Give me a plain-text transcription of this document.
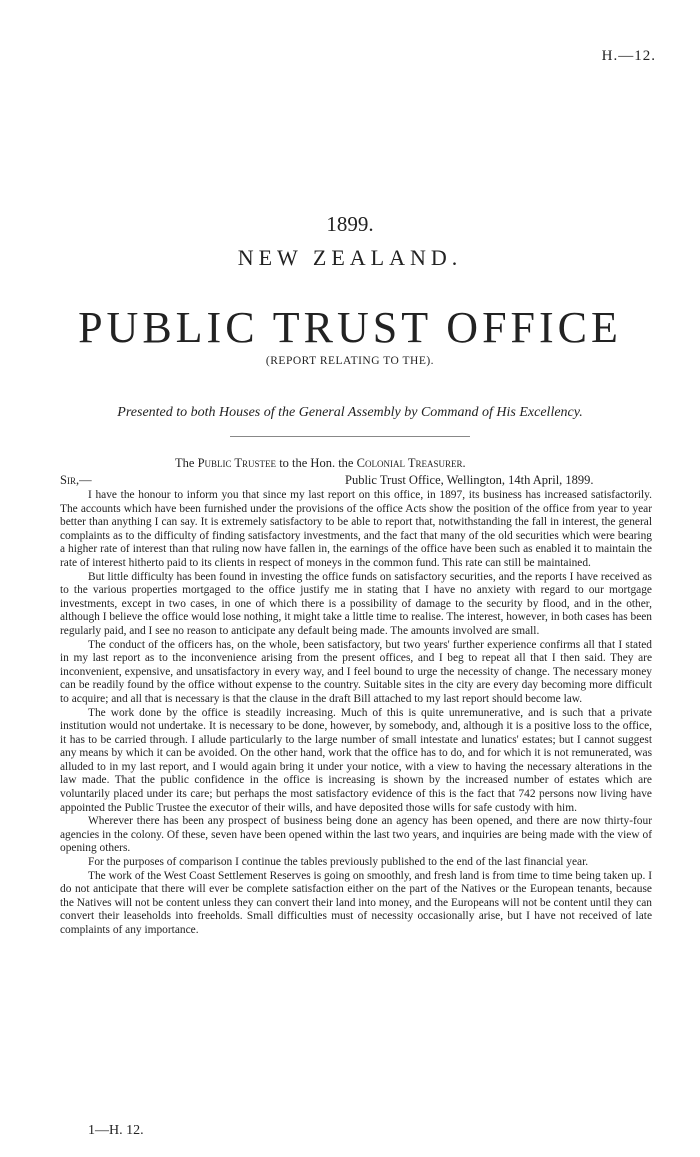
H.—12.
1899.
NEW ZEALAND.
PUBLIC TRUST OFFICE
(REPORT RELATING TO THE).
Presented to both Houses of the General Assembly by Command of His Excellency.
The Public Trustee to the Hon. the Colonial Treasurer.
Sir,—	Public Trust Office, Wellington, 14th April, 1899.

I have the honour to inform you that since my last report on this office, in 1897, its business has increased satisfactorily. The accounts which have been furnished under the provisions of the office Acts show the position of the office from year to year better than anything I can say. It is extremely satisfactory to be able to report that, notwithstanding the fall in interest, the general complaints as to the difficulty of finding satisfactory investments, and the fact that many of the old securities which were bearing a higher rate of interest than that ruling now have fallen in, the earnings of the office have been such as enabled it to maintain the rate of interest hitherto paid to its clients in respect of moneys in the common fund. This rate can still be maintained.

But little difficulty has been found in investing the office funds on satisfactory securities, and the reports I have received as to the various properties mortgaged to the office justify me in stating that I have no anxiety with regard to our mortgage investments, except in two cases, in one of which there is a possibility of damage to the security by flood, and in the other, although I believe the office would lose nothing, it might take a little time to realise. The interest, however, in both cases has been regularly paid, and I see no reason to anticipate any default being made. The amounts involved are small.

The conduct of the officers has, on the whole, been satisfactory, but two years' further experience confirms all that I stated in my last report as to the inconvenience arising from the present offices, and I beg to repeat all that I then said. They are inconvenient, expensive, and unsatisfactory in every way, and I feel bound to urge the necessity of change. The necessary money can be readily found by the office without expense to the country. Suitable sites in the city are every day becoming more difficult to acquire; and all that is necessary is that the clause in the draft Bill attached to my last report should become law.

The work done by the office is steadily increasing. Much of this is quite unremunerative, and is such that a private institution would not undertake. It is necessary to be done, however, by somebody, and, although it is a positive loss to the office, it has to be carried through. I allude particularly to the large number of small intestate and lunatics' estates; but I cannot suggest any means by which it can be avoided. On the other hand, work that the office has to do, and for which it is not remunerated, was alluded to in my last report, and I would again bring it under your notice, with a view to having the necessary alterations in the law made. That the public confidence in the office is increasing is shown by the increased number of estates which are voluntarily placed under its care; but perhaps the most satisfactory evidence of this is the fact that 742 persons now living have appointed the Public Trustee the executor of their wills, and have deposited those wills for safe custody with him.

Wherever there has been any prospect of business being done an agency has been opened, and there are now thirty-four agencies in the colony. Of these, seven have been opened within the last two years, and inquiries are being made with the view of opening others.

For the purposes of comparison I continue the tables previously published to the end of the last financial year.

The work of the West Coast Settlement Reserves is going on smoothly, and fresh land is from time to time being taken up. I do not anticipate that there will ever be complete satisfaction either on the part of the Natives or the European tenants, because the Natives will not be content unless they can convert their land into money, and the Europeans will not be content until they can convert their leaseholds into freeholds. Small difficulties must of necessity occasionally arise, but I have not received of late complaints of any importance.

1—H. 12.
